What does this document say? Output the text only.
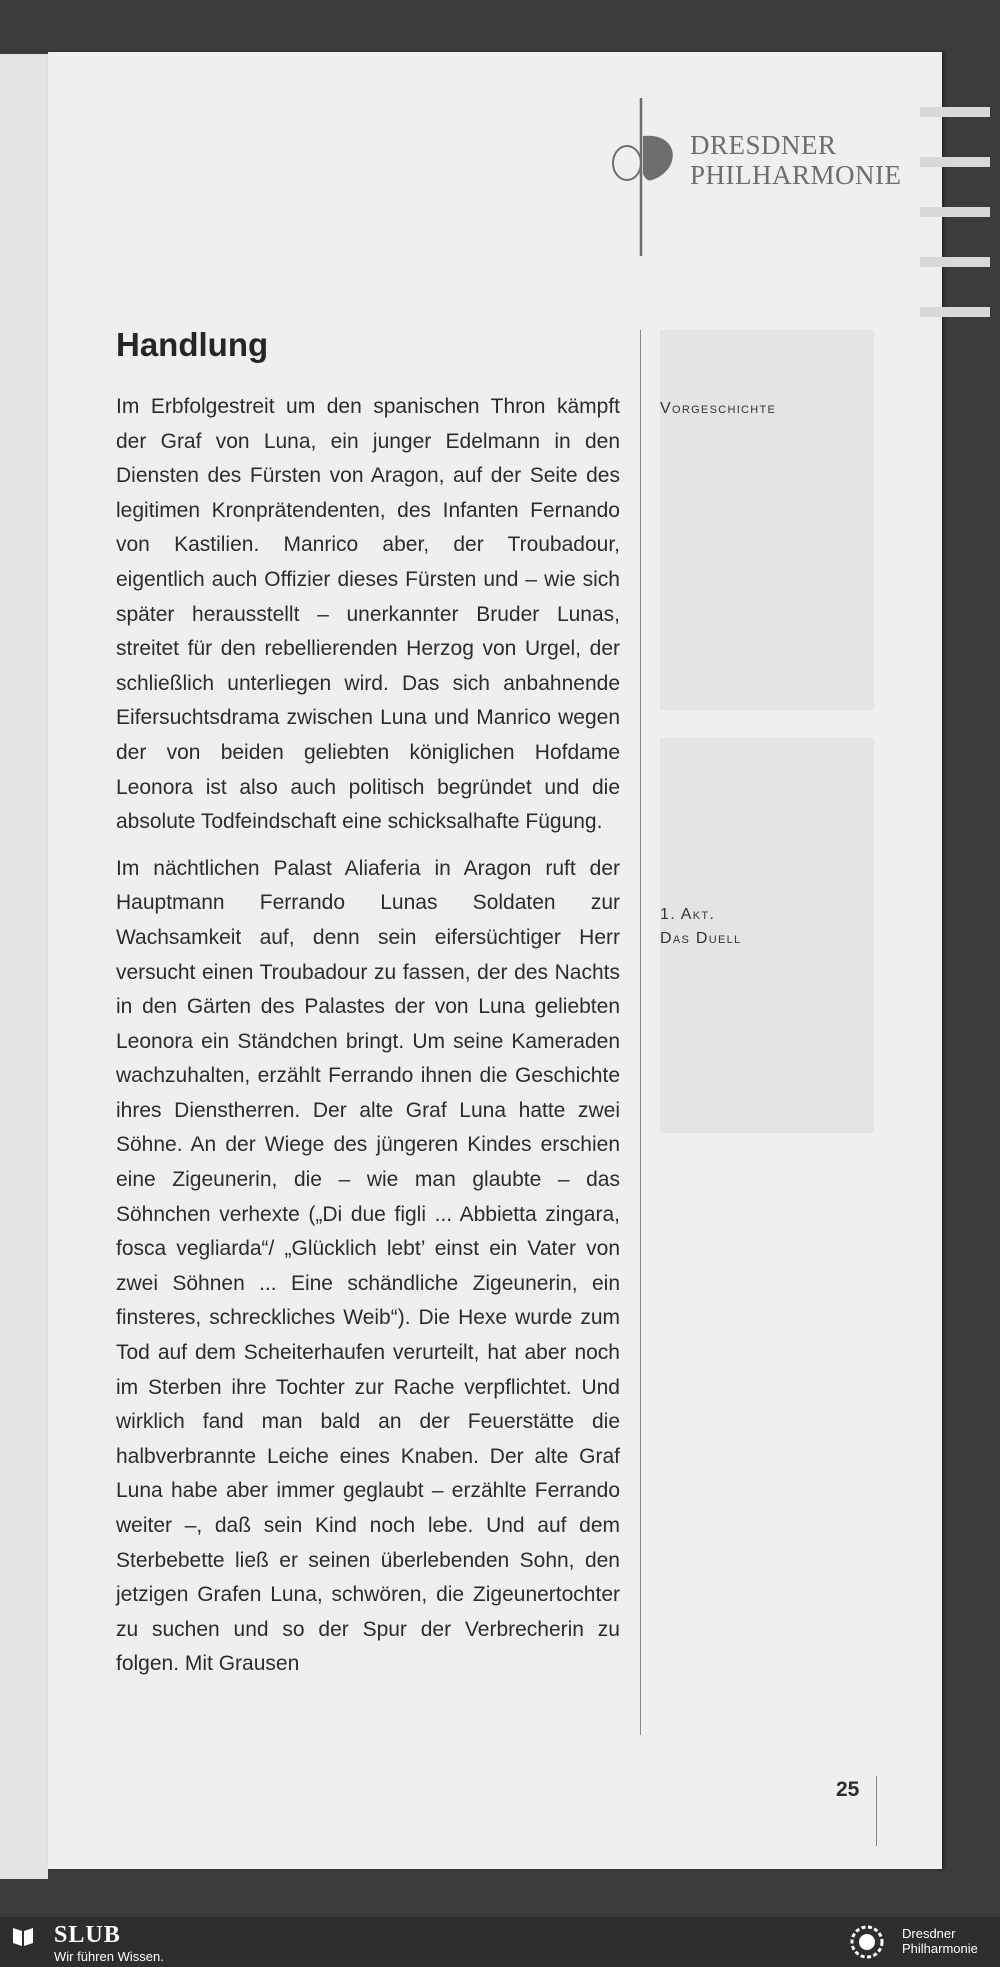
DRESDNER
PHILHARMONIE
Handlung

Im Erbfolgestreit um den spanischen Thron kämpft der Graf von Luna, ein junger Edelmann in den Diensten des Fürsten von Aragon, auf der Seite des legitimen Kronprätendenten, des Infanten Fernando von Kastilien. Manrico aber, der Troubadour, eigentlich auch Offizier dieses Fürsten und – wie sich später herausstellt – unerkannter Bruder Lunas, streitet für den rebellierenden Herzog von Urgel, der schließlich unterliegen wird. Das sich anbahnende Eifersuchtsdrama zwischen Luna und Manrico wegen der von beiden geliebten königlichen Hofdame Leonora ist also auch politisch begründet und die absolute Todfeindschaft eine schicksalhafte Fügung.

Im nächtlichen Palast Aliaferia in Aragon ruft der Hauptmann Ferrando Lunas Soldaten zur Wachsamkeit auf, denn sein eifersüchtiger Herr versucht einen Troubadour zu fassen, der des Nachts in den Gärten des Palastes der von Luna geliebten Leonora ein Ständchen bringt. Um seine Kameraden wachzuhalten, erzählt Ferrando ihnen die Geschichte ihres Dienstherren. Der alte Graf Luna hatte zwei Söhne. An der Wiege des jüngeren Kindes erschien eine Zigeunerin, die – wie man glaubte – das Söhnchen verhexte („Di due figli ... Abbietta zingara, fosca vegliarda“/ „Glücklich lebt’ einst ein Vater von zwei Söhnen ... Eine schändliche Zigeunerin, ein finsteres, schreckliches Weib“). Die Hexe wurde zum Tod auf dem Scheiterhaufen verurteilt, hat aber noch im Sterben ihre Tochter zur Rache verpflichtet. Und wirklich fand man bald an der Feuerstätte die halbverbrannte Leiche eines Knaben. Der alte Graf Luna habe aber immer geglaubt – erzählte Ferrando weiter –, daß sein Kind noch lebe. Und auf dem Sterbebette ließ er seinen überlebenden Sohn, den jetzigen Grafen Luna, schwören, die Zigeunertochter zu suchen und so der Spur der Verbrecherin zu folgen. Mit Grausen

Vorgeschichte
1. Akt.
Das Duell
25
SLUB
Wir führen Wissen.
Dresdner
Philharmonie
